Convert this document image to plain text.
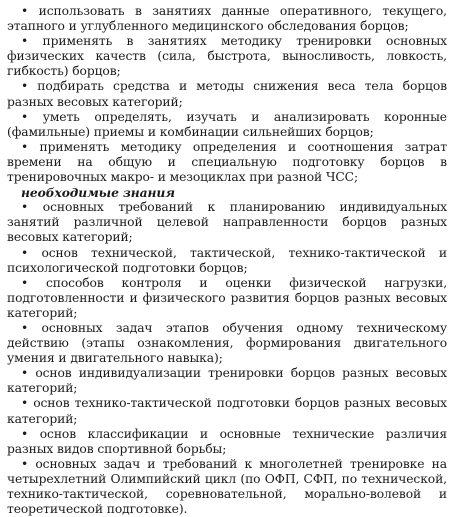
• использовать в занятиях данные оперативного, текущего, этапного и углубленного медицинского обследования борцов;

• применять в занятиях методику тренировки основных физических качеств (сила, быстрота, выносливость, ловкость, гибкость) борцов;

• подбирать средства и методы снижения веса тела борцов разных весовых категорий;

• уметь определять, изучать и анализировать коронные (фамильные) приемы и комбинации сильнейших борцов;

• применять методику определения и соотношения затрат времени на общую и специальную подготовку борцов в тренировочных макро- и мезоциклах при разной ЧСС;

необходимые знания

• основных требований к планированию индивидуальных занятий различной целевой направленности борцов разных весовых категорий;

• основ технической, тактической, технико-тактической и психологической подготовки борцов;

• способов контроля и оценки физической нагрузки, подготовленности и физического развития борцов разных весовых категорий;

• основных задач этапов обучения одному техническому действию (этапы ознакомления, формирования двигательного умения и двигательного навыка);

• основ индивидуализации тренировки борцов разных весовых категорий;

• основ технико-тактической подготовки борцов разных весовых категорий;

• основ классификации и основные технические различия разных видов спортивной борьбы;

• основных задач и требований к многолетней тренировке на четырехлетний Олимпийский цикл (по ОФП, СФП, по технической, технико-тактической, соревновательной, морально-волевой и теоретической подготовке).
